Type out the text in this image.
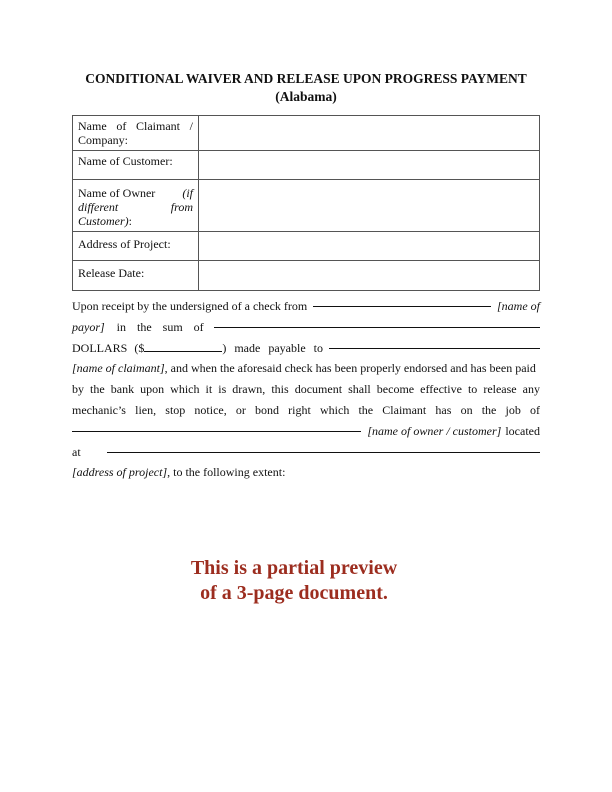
CONDITIONAL WAIVER AND RELEASE UPON PROGRESS PAYMENT
(Alabama)
Name of Claimant /
Company:	

Name of Customer:	

Name of Owner (if
different from
Customer):	

Address of Project:	
Release Date:	
Upon receipt by the undersigned of a check from	[name of
payor] in the sum of
DOLLARS ($	) made payable to
[name of claimant], and when the aforesaid check has been properly endorsed and has been paid
by the bank upon which it is drawn, this document shall become effective to release any
mechanic’s lien, stop notice, or bond right which the Claimant has on the job of
[name of owner / customer] located
at
[address of project] , to the following extent:
This is a partial preview
of a 3-page document.
